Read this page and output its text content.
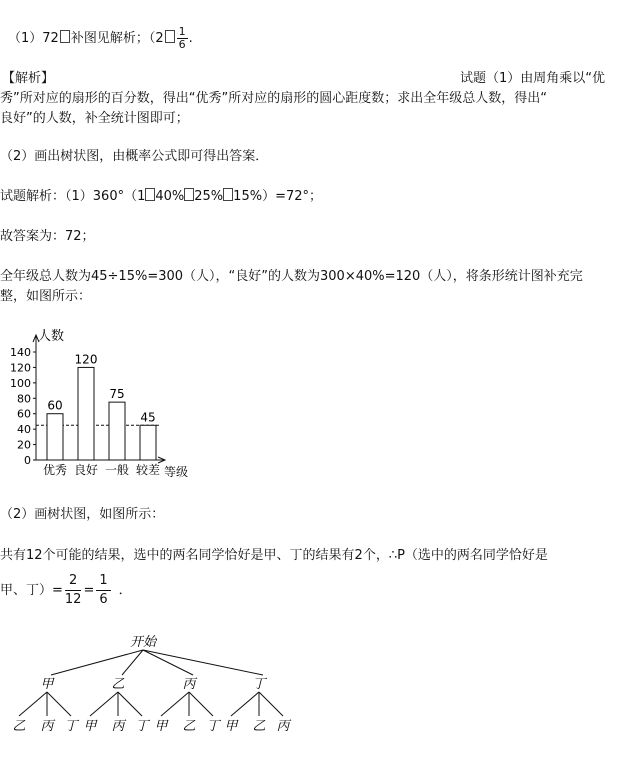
（1）72 补图见解析；（$2 \frac{1}{6}$ .
【解析】	试题（1）由周角乘以“优
秀”所对应的扇形的百分数，得出“优秀”所对应的扇形的圆心距度数；求出全年级总人数，得出“
良好”的人数，补全统计图即可；
（2）画出树状图，由概率公式即可得出答案．
试题解析：（1）360°（1 40% 25% 15%）=72°；
故答案为：72；
全年级总人数为45÷15%=300（人），“良好”的人数为300×40%=120（人），将条形统计图补充完
整，如图所示：
人数
等级
0
20
40
60
80
100
120
140
60
优秀
120
良好
75
一般
45
较差
（2）画树状图，如图所示：
共有12个可能的结果，选中的两名同学恰好是甲、丁的结果有2个，∴P（选中的两名同学恰好是
甲、丁）= $\frac{2}{12} = \frac{1}{6}$ ．
开始
甲
乙 丙 丁
乙
甲 丙 丁
丙
甲 乙 丁
丁
甲 乙 丙
